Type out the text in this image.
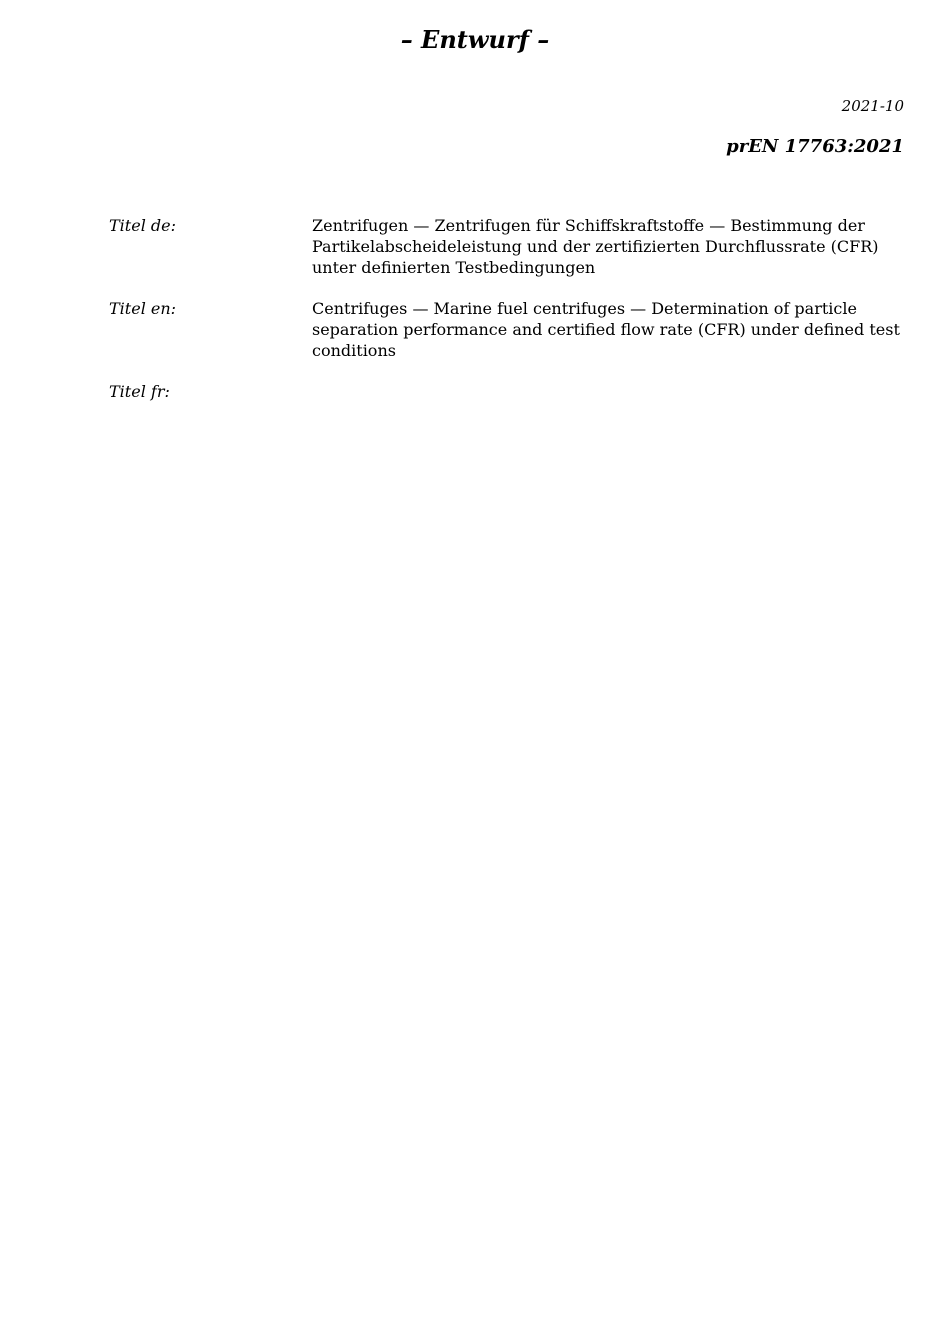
– Entwurf –

2021-10

prEN 17763:2021

Titel de:	Zentrifugen — Zentrifugen für Schiffskraftstoffe — Bestimmung der Partikelabscheideleistung und der zertifizierten Durchflussrate (CFR) unter definierten Testbedingungen
Titel en:	Centrifuges — Marine fuel centrifuges — Determination of particle separation performance and certified flow rate (CFR) under defined test conditions
Titel fr:
